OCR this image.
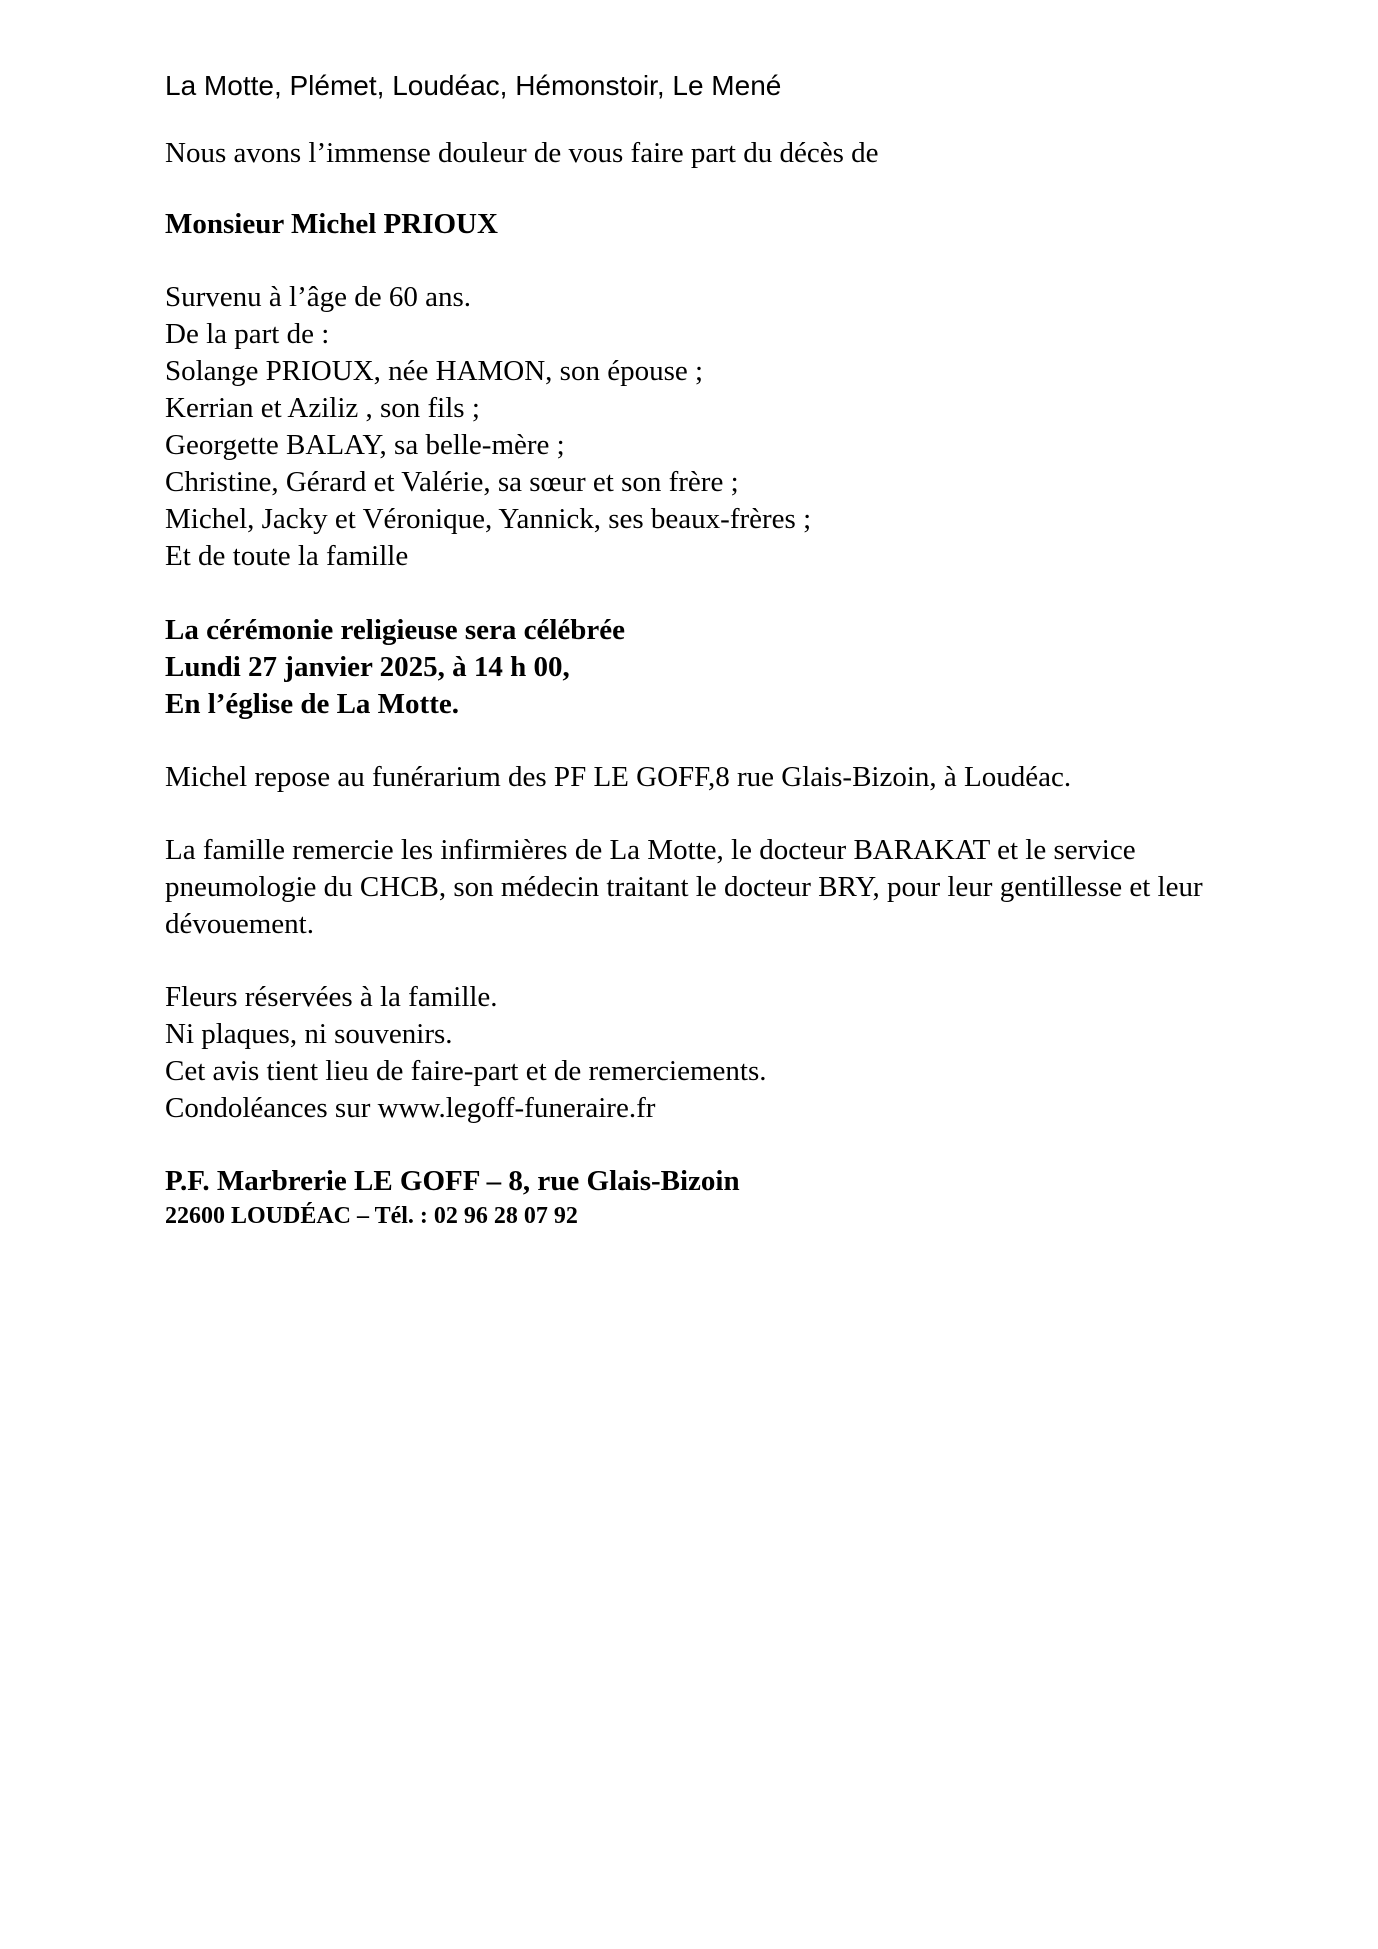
La Motte, Plémet, Loudéac, Hémonstoir, Le Mené

Nous avons l’immense douleur de vous faire part du décès de

Monsieur Michel PRIOUX

Survenu à l’âge de 60 ans.
De la part de :
Solange PRIOUX, née HAMON, son épouse ;
Kerrian et Aziliz , son fils ;
Georgette BALAY, sa belle-mère ;
Christine, Gérard et Valérie, sa sœur et son frère ;
Michel, Jacky et Véronique, Yannick, ses beaux-frères ;
Et de toute la famille
La cérémonie religieuse sera célébrée
Lundi 27 janvier 2025, à 14 h 00,
En l’église de La Motte.

Michel repose au funérarium des PF LE GOFF,8 rue Glais-Bizoin, à Loudéac.

La famille remercie les infirmières de La Motte, le docteur BARAKAT et le service pneumologie du CHCB, son médecin traitant le docteur BRY, pour leur gentillesse et leur dévouement.

Fleurs réservées à la famille.
Ni plaques, ni souvenirs.
Cet avis tient lieu de faire-part et de remerciements.
Condoléances sur www.legoff-funeraire.fr
P.F. Marbrerie LE GOFF – 8, rue Glais-Bizoin
22600 LOUDÉAC – Tél. : 02 96 28 07 92
